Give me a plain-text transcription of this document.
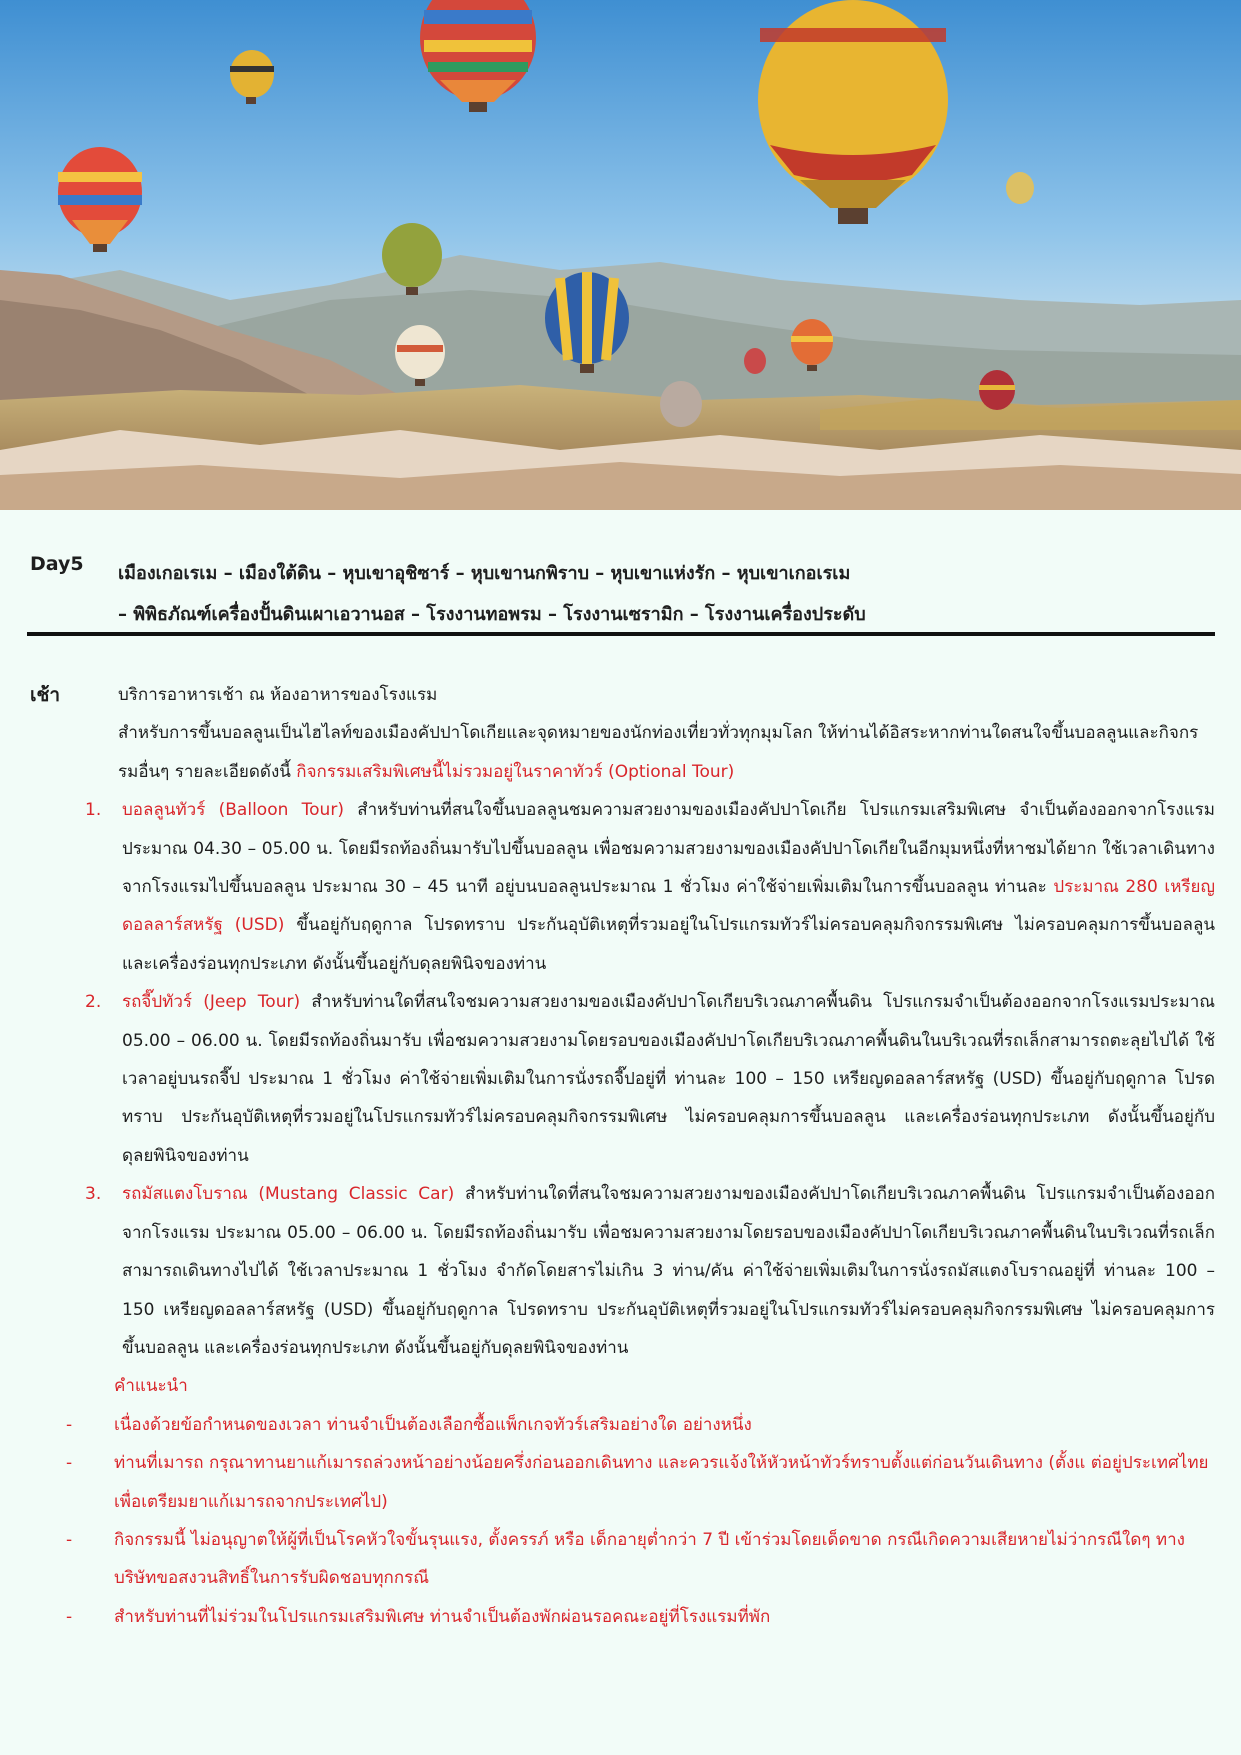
Day5 เมืองเกอเรเม – เมืองใต้ดิน – หุบเขาอุชิซาร์ – หุบเขานกพิราบ – หุบเขาแห่งรัก – หุบเขาเกอเรเม
– พิพิธภัณฑ์เครื่องปั้นดินเผาเอวานอส – โรงงานทอพรม – โรงงานเซรามิก – โรงงานเครื่องประดับ
เช้า	บริการอาหารเช้า ณ ห้องอาหารของโรงแรม
สำหรับการขึ้นบอลลูนเป็นไฮไลท์ของเมืองคัปปาโดเกียและจุดหมายของนักท่องเที่ยวทั่วทุกมุมโลก ให้ท่านได้อิสระหากท่านใดสนใจขึ้นบอลลูนและกิจกรรมอื่นๆ รายละเอียดดังนี้ กิจกรรมเสริมพิเศษนี้ไม่รวมอยู่ในราคาทัวร์ (Optional Tour)
1. บอลลูนทัวร์ (Balloon Tour) สำหรับท่านที่สนใจขึ้นบอลลูนชมความสวยงามของเมืองคัปปาโดเกีย โปรแกรมเสริมพิเศษ จำเป็นต้องออกจากโรงแรมประมาณ 04.30 – 05.00 น. โดยมีรถท้องถิ่นมารับไปขึ้นบอลลูน เพื่อชมความสวยงามของเมืองคัปปาโดเกียในอีกมุมหนึ่งที่หาชมได้ยาก ใช้เวลาเดินทางจากโรงแรมไปขึ้นบอลลูน ประมาณ 30 – 45 นาที อยู่บนบอลลูนประมาณ 1 ชั่วโมง ค่าใช้จ่ายเพิ่มเติมในการขึ้นบอลลูน ท่านละ ประมาณ 280 เหรียญดอลลาร์สหรัฐ (USD) ขึ้นอยู่กับฤดูกาล โปรดทราบ ประกันอุบัติเหตุที่รวมอยู่ในโปรแกรมทัวร์ไม่ครอบคลุมกิจกรรมพิเศษ ไม่ครอบคลุมการขึ้นบอลลูน และเครื่องร่อนทุกประเภท ดังนั้นขึ้นอยู่กับดุลยพินิจของท่าน
2. รถจี๊ปทัวร์ (Jeep Tour) สำหรับท่านใดที่สนใจชมความสวยงามของเมืองคัปปาโดเกียบริเวณภาคพื้นดิน โปรแกรมจำเป็นต้องออกจากโรงแรมประมาณ 05.00 – 06.00 น. โดยมีรถท้องถิ่นมารับ เพื่อชมความสวยงามโดยรอบของเมืองคัปปาโดเกียบริเวณภาคพื้นดินในบริเวณที่รถเล็กสามารถตะลุยไปได้ ใช้เวลาอยู่บนรถจี๊ป ประมาณ 1 ชั่วโมง ค่าใช้จ่ายเพิ่มเติมในการนั่งรถจี๊ปอยู่ที่ ท่านละ 100 – 150 เหรียญดอลลาร์สหรัฐ (USD) ขึ้นอยู่กับฤดูกาล โปรดทราบ ประกันอุบัติเหตุที่รวมอยู่ในโปรแกรมทัวร์ไม่ครอบคลุมกิจกรรมพิเศษ ไม่ครอบคลุมการขึ้นบอลลูน และเครื่องร่อนทุกประเภท ดังนั้นขึ้นอยู่กับดุลยพินิจของท่าน
3. รถมัสแตงโบราณ (Mustang Classic Car) สำหรับท่านใดที่สนใจชมความสวยงามของเมืองคัปปาโดเกียบริเวณภาคพื้นดิน โปรแกรมจำเป็นต้องออกจากโรงแรม ประมาณ 05.00 – 06.00 น. โดยมีรถท้องถิ่นมารับ เพื่อชมความสวยงามโดยรอบของเมืองคัปปาโดเกียบริเวณภาคพื้นดินในบริเวณที่รถเล็กสามารถเดินทางไปได้ ใช้เวลาประมาณ 1 ชั่วโมง จำกัดโดยสารไม่เกิน 3 ท่าน/คัน ค่าใช้จ่ายเพิ่มเติมในการนั่งรถมัสแตงโบราณอยู่ที่ ท่านละ 100 – 150 เหรียญดอลลาร์สหรัฐ (USD) ขึ้นอยู่กับฤดูกาล โปรดทราบ ประกันอุบัติเหตุที่รวมอยู่ในโปรแกรมทัวร์ไม่ครอบคลุมกิจกรรมพิเศษ ไม่ครอบคลุมการขึ้นบอลลูน และเครื่องร่อนทุกประเภท ดังนั้นขึ้นอยู่กับดุลยพินิจของท่าน
คำแนะนำ
- เนื่องด้วยข้อกำหนดของเวลา ท่านจำเป็นต้องเลือกซื้อแพ็กเกจทัวร์เสริมอย่างใด อย่างหนึ่ง
- ท่านที่เมารถ กรุณาทานยาแก้เมารถล่วงหน้าอย่างน้อยครึ่งก่อนออกเดินทาง และควรแจ้งให้หัวหน้าทัวร์ทราบตั้งแต่ก่อนวันเดินทาง (ตั้งแ ต่อยู่ประเทศไทย เพื่อเตรียมยาแก้เมารถจากประเทศไป)
- กิจกรรมนี้ ไม่อนุญาตให้ผู้ที่เป็นโรคหัวใจขั้นรุนแรง, ตั้งครรภ์ หรือ เด็กอายุต่ำกว่า 7 ปี เข้าร่วมโดยเด็ดขาด กรณีเกิดความเสียหายไม่ว่ากรณีใดๆ ทางบริษัทขอสงวนสิทธิ์ในการรับผิดชอบทุกกรณี
- สำหรับท่านที่ไม่ร่วมในโปรแกรมเสริมพิเศษ ท่านจำเป็นต้องพักผ่อนรอคณะอยู่ที่โรงแรมที่พัก
